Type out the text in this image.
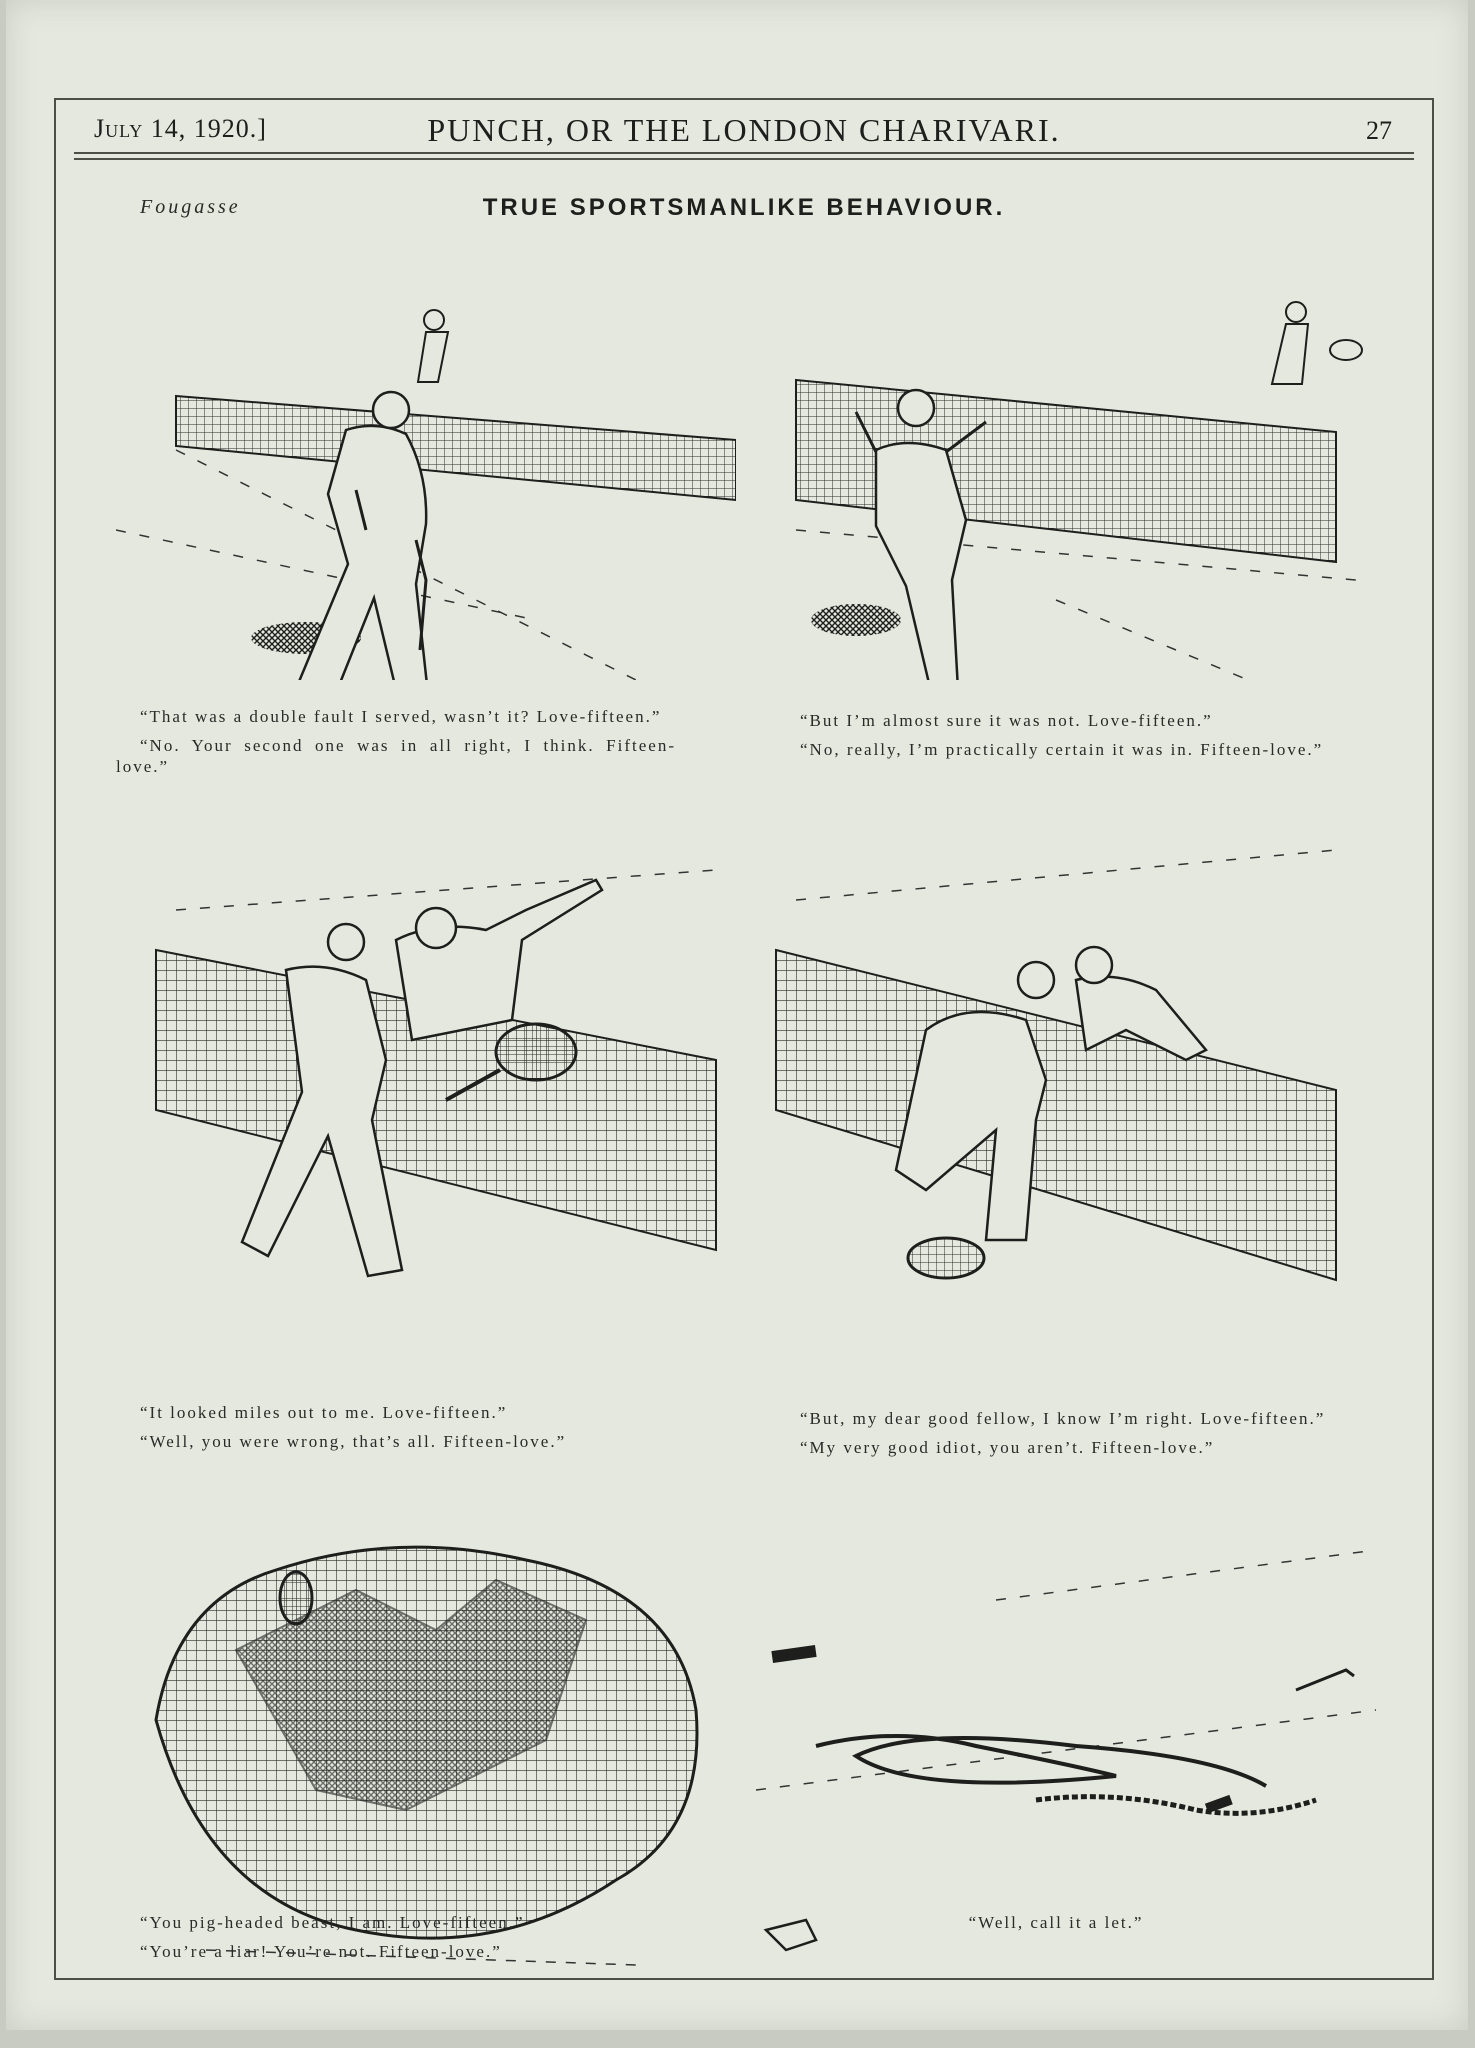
July 14, 1920.]	PUNCH, OR THE LONDON CHARIVARI.	27
Fougasse	TRUE SPORTSMANLIKE BEHAVIOUR.

“That was a double fault I served, wasn’t it? Love-fifteen.”

“No. Your second one was in all right, I think. Fifteen-love.”

“But I’m almost sure it was not. Love-fifteen.”

“No, really, I’m practically certain it was in. Fifteen-love.”

“It looked miles out to me. Love-fifteen.”

“Well, you were wrong, that’s all. Fifteen-love.”

“But, my dear good fellow, I know I’m right. Love-fifteen.”

“My very good idiot, you aren’t. Fifteen-love.”

“You pig-headed beast, I am. Love-fifteen.”

“You’re a liar! You’re not. Fifteen-love.”

“Well, call it a let.”
